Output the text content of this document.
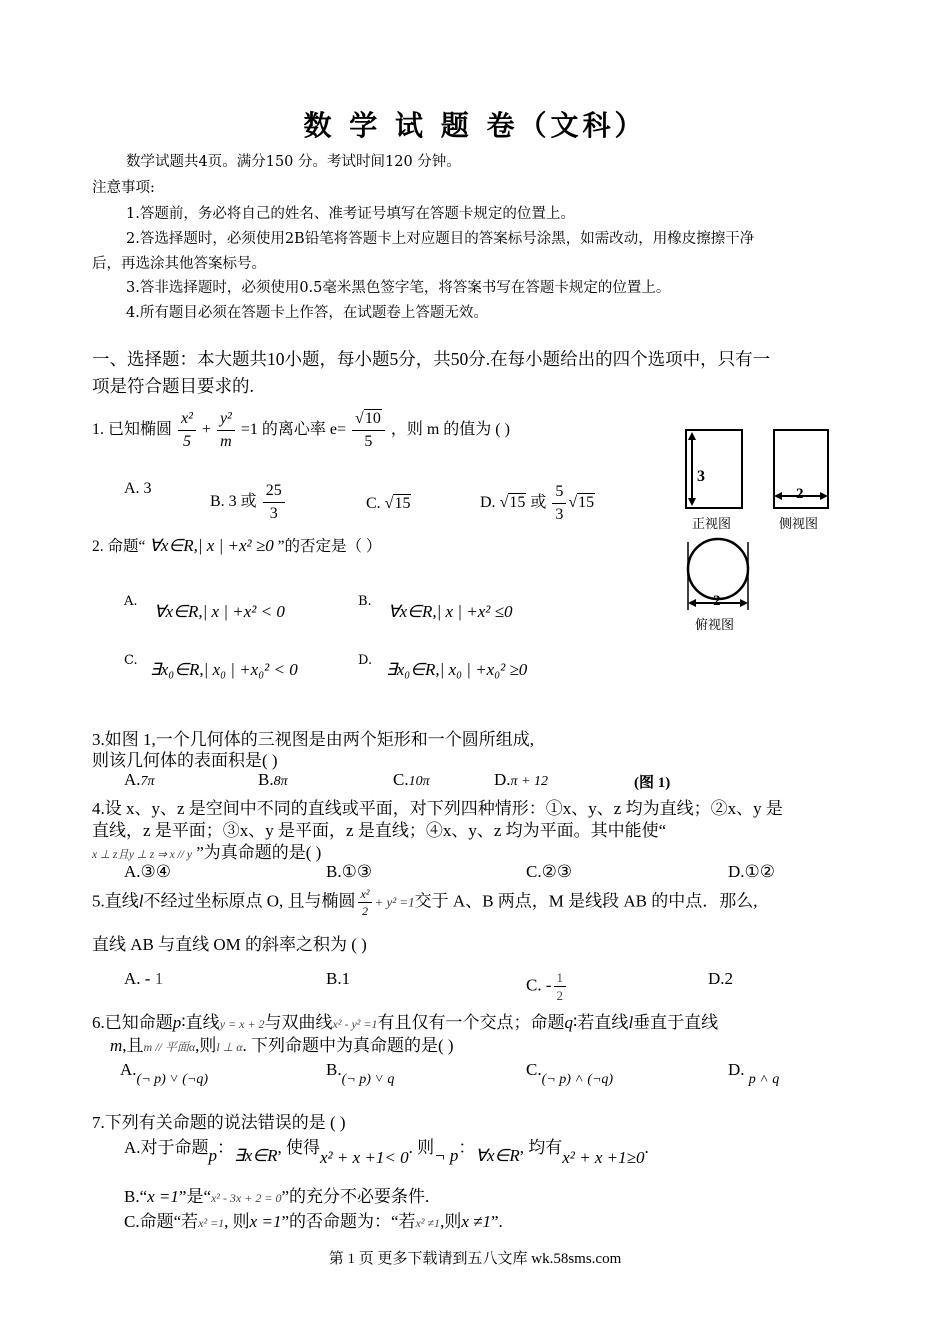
数 学 试 题 卷（文科）
数学试题共4页。满分150 分。考试时间120 分钟。
注意事项:
1.答题前，务必将自己的姓名、准考证号填写在答题卡规定的位置上。
2.答选择题时，必须使用2B铅笔将答题卡上对应题目的答案标号涂黑，如需改动，用橡皮擦擦干净
后，再选涂其他答案标号。
3.答非选择题时，必须使用0.5毫米黑色签字笔，将答案书写在答题卡规定的位置上。
4.所有题目必须在答题卡上作答，在试题卷上答题无效。
一、选择题：本大题共10小题，每小题5分，共50分.在每小题给出的四个选项中，只有一
项是符合题目要求的.
1. 已知椭圆 $\frac{\text{x²}}{5} + \frac{\text{y²}}{m} =1$ 的离心率 $e= \frac{√10}{5}$ ，则 m 的值为 ( )
A. 3
B. 3 或 $\frac{25}{3}$	C. √15	D. √15 或 $\frac{5}{3} √15$
2. 命题“ ∀x∈R,| x | +x² ≥0 ”的否定是（ ）
A.
∀x∈R,| x | +x² < 0
B.
∀x∈R,| x | +x² ≤0
C. ∃x₀∈R,| x₀ | +x₀² < 0	D. ∃x₀∈R,| x₀ | +x₀² ≥0
3
2
2
正视图	侧视图
俯视图
3.如图 1,一个几何体的三视图是由两个矩形和一个圆所组成,
则该几何体的表面积是( )
A.7π	B.8π	C.10π	D.π + 12	(图 1)
4.设 x、y、z 是空间中不同的直线或平面，对下列四种情形：①x、y、z 均为直线；②x、y 是
直线，z 是平面；③x、y 是平面，z 是直线；④x、y、z 均为平面。其中能使“
x ⊥ z且y ⊥ z ⇒ x // y ”为真命题的是( )
A.③④	B.①③	C.②③	D.①②
5.直线l不经过坐标原点 O, 且与椭圆 $\frac{\text{x²}}{2} + y^2 =1$交于 A、B 两点，M 是线段 AB 的中点．那么,
直线 AB 与直线 OM 的斜率之积为 ( )
A. - 1	B.1	C. - $\frac{1}{2}$	D.2
6.已知命题p∶直线y = x + 2与双曲线x² - y² =1有且仅有一个交点；命题q∶若直线l垂直于直线
m,且m // 平面α,则l ⊥ α. 下列命题中为真命题的是( )
$A._{(\neg p) ˅ (\neg q)}$
$B._{(\neg p) ˅ q}$
$C._{(\neg p) ˄ (\neg q)}$
D. $_{p ˄ q}$
7.下列有关命题的说法错误的是 ( )
A.对于命题p：∃x∈R, 使得x² + x +1< 0. 则¬ p：∀x∈R, 均有x² + x +1≥0.
B.“x =1”是“x² - 3x + 2 = 0”的充分不必要条件.
C.命题“若x² =1, 则x =1”的否命题为：“若x² ≠1,则x ≠1”.
第 1 页 更多下载请到五八文库 wk.58sms.com
